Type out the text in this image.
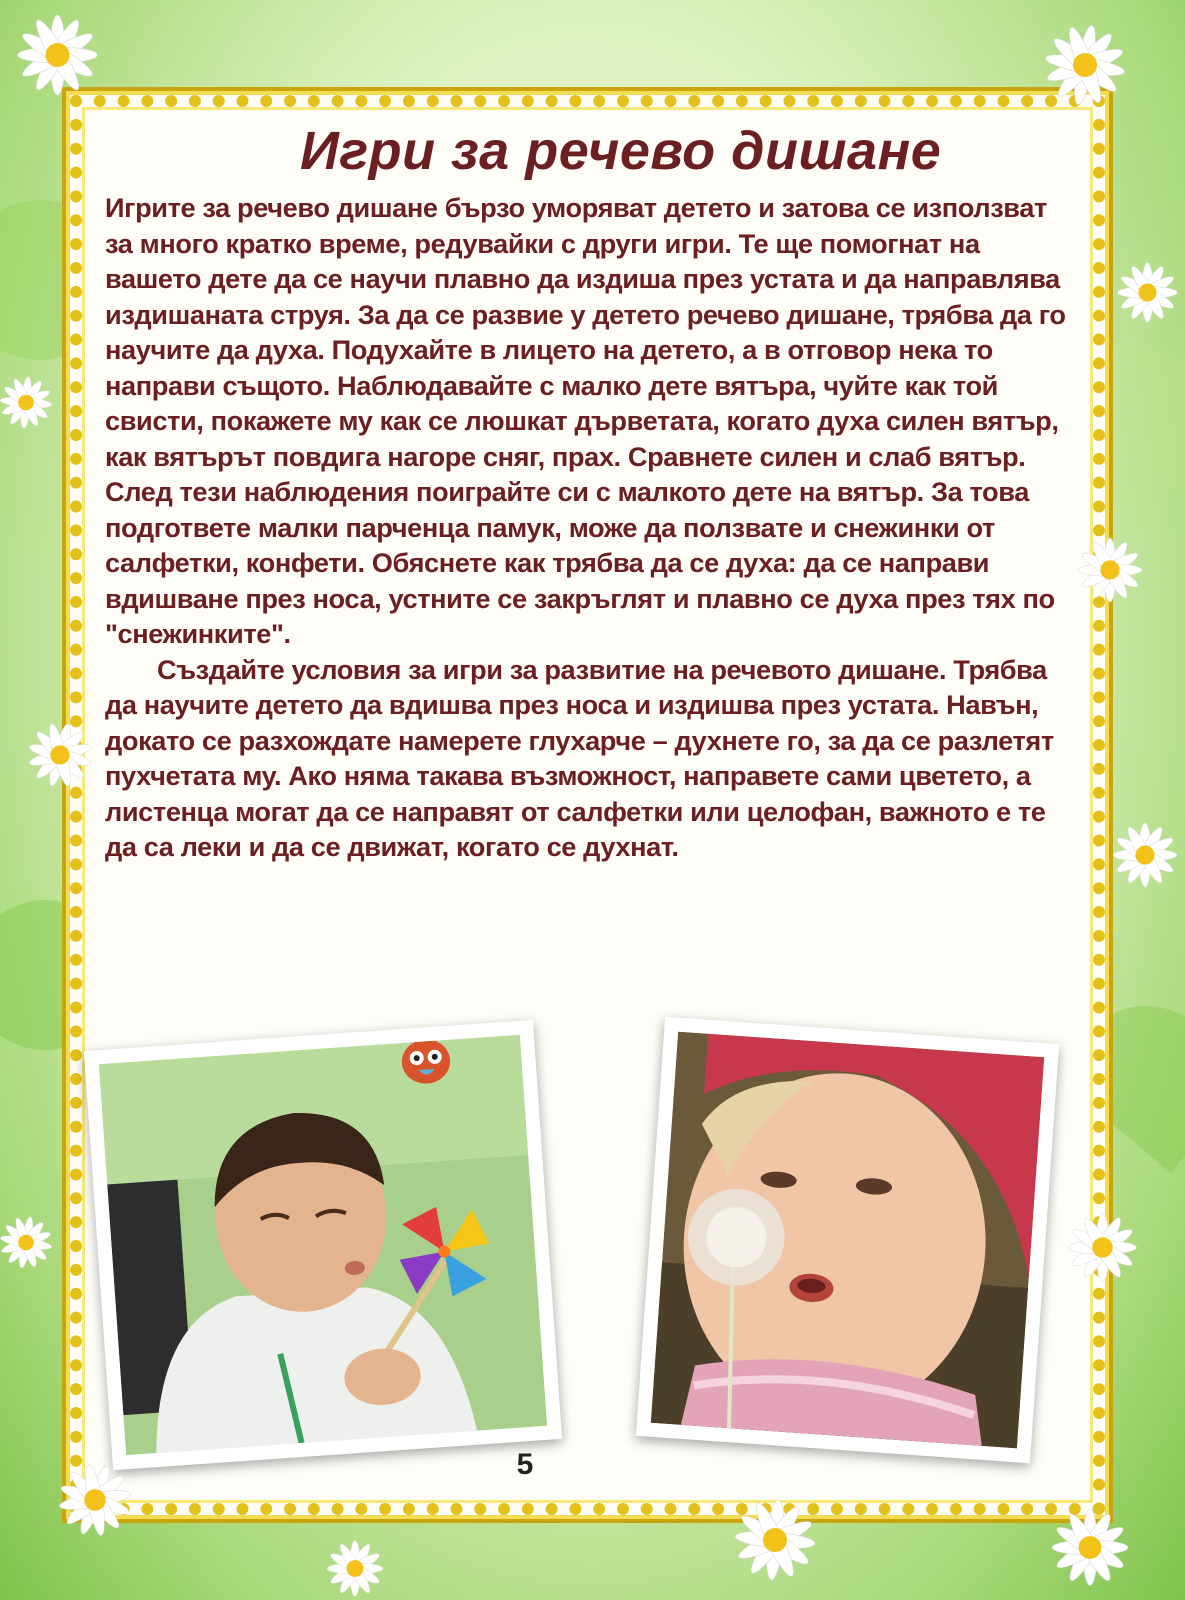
Игри за речево дишане

Игрите за речево дишане бързо уморяват детето и затова се използват за много кратко време, редувайки с други игри. Те ще помогнат на вашето дете да се научи плавно да издиша през устата и да направлява издишаната струя. За да се развие у детето речево дишане, трябва да го научите да духа. Подухайте в лицето на детето, а в отговор нека то направи същото. Наблюдавайте с малко дете вятъра, чуйте как той свисти, покажете му как се люшкат дърветата, когато духа силен вятър, как вятърът повдига нагоре сняг, прах. Сравнете силен и слаб вятър. След тези наблюдения поиграйте си с малкото дете на вятър. За това подгответе малки парченца памук, може да ползвате и снежинки от салфетки, конфети. Обяснете как трябва да се духа: да се направи вдишване през носа, устните се закръглят и плавно се духа през тях по "снежинките".

Създайте условия за игри за развитие на речевото дишане. Трябва да научите детето да вдишва през носа и издишва през устата. Навън, докато се разхождате намерете глухарче – духнете го, за да се разлетят пухчетата му. Ако няма такава възможност, направете сами цветето, а листенца могат да се направят от салфетки или целофан, важното е те да са леки и да се движат, когато се духнат.

5
